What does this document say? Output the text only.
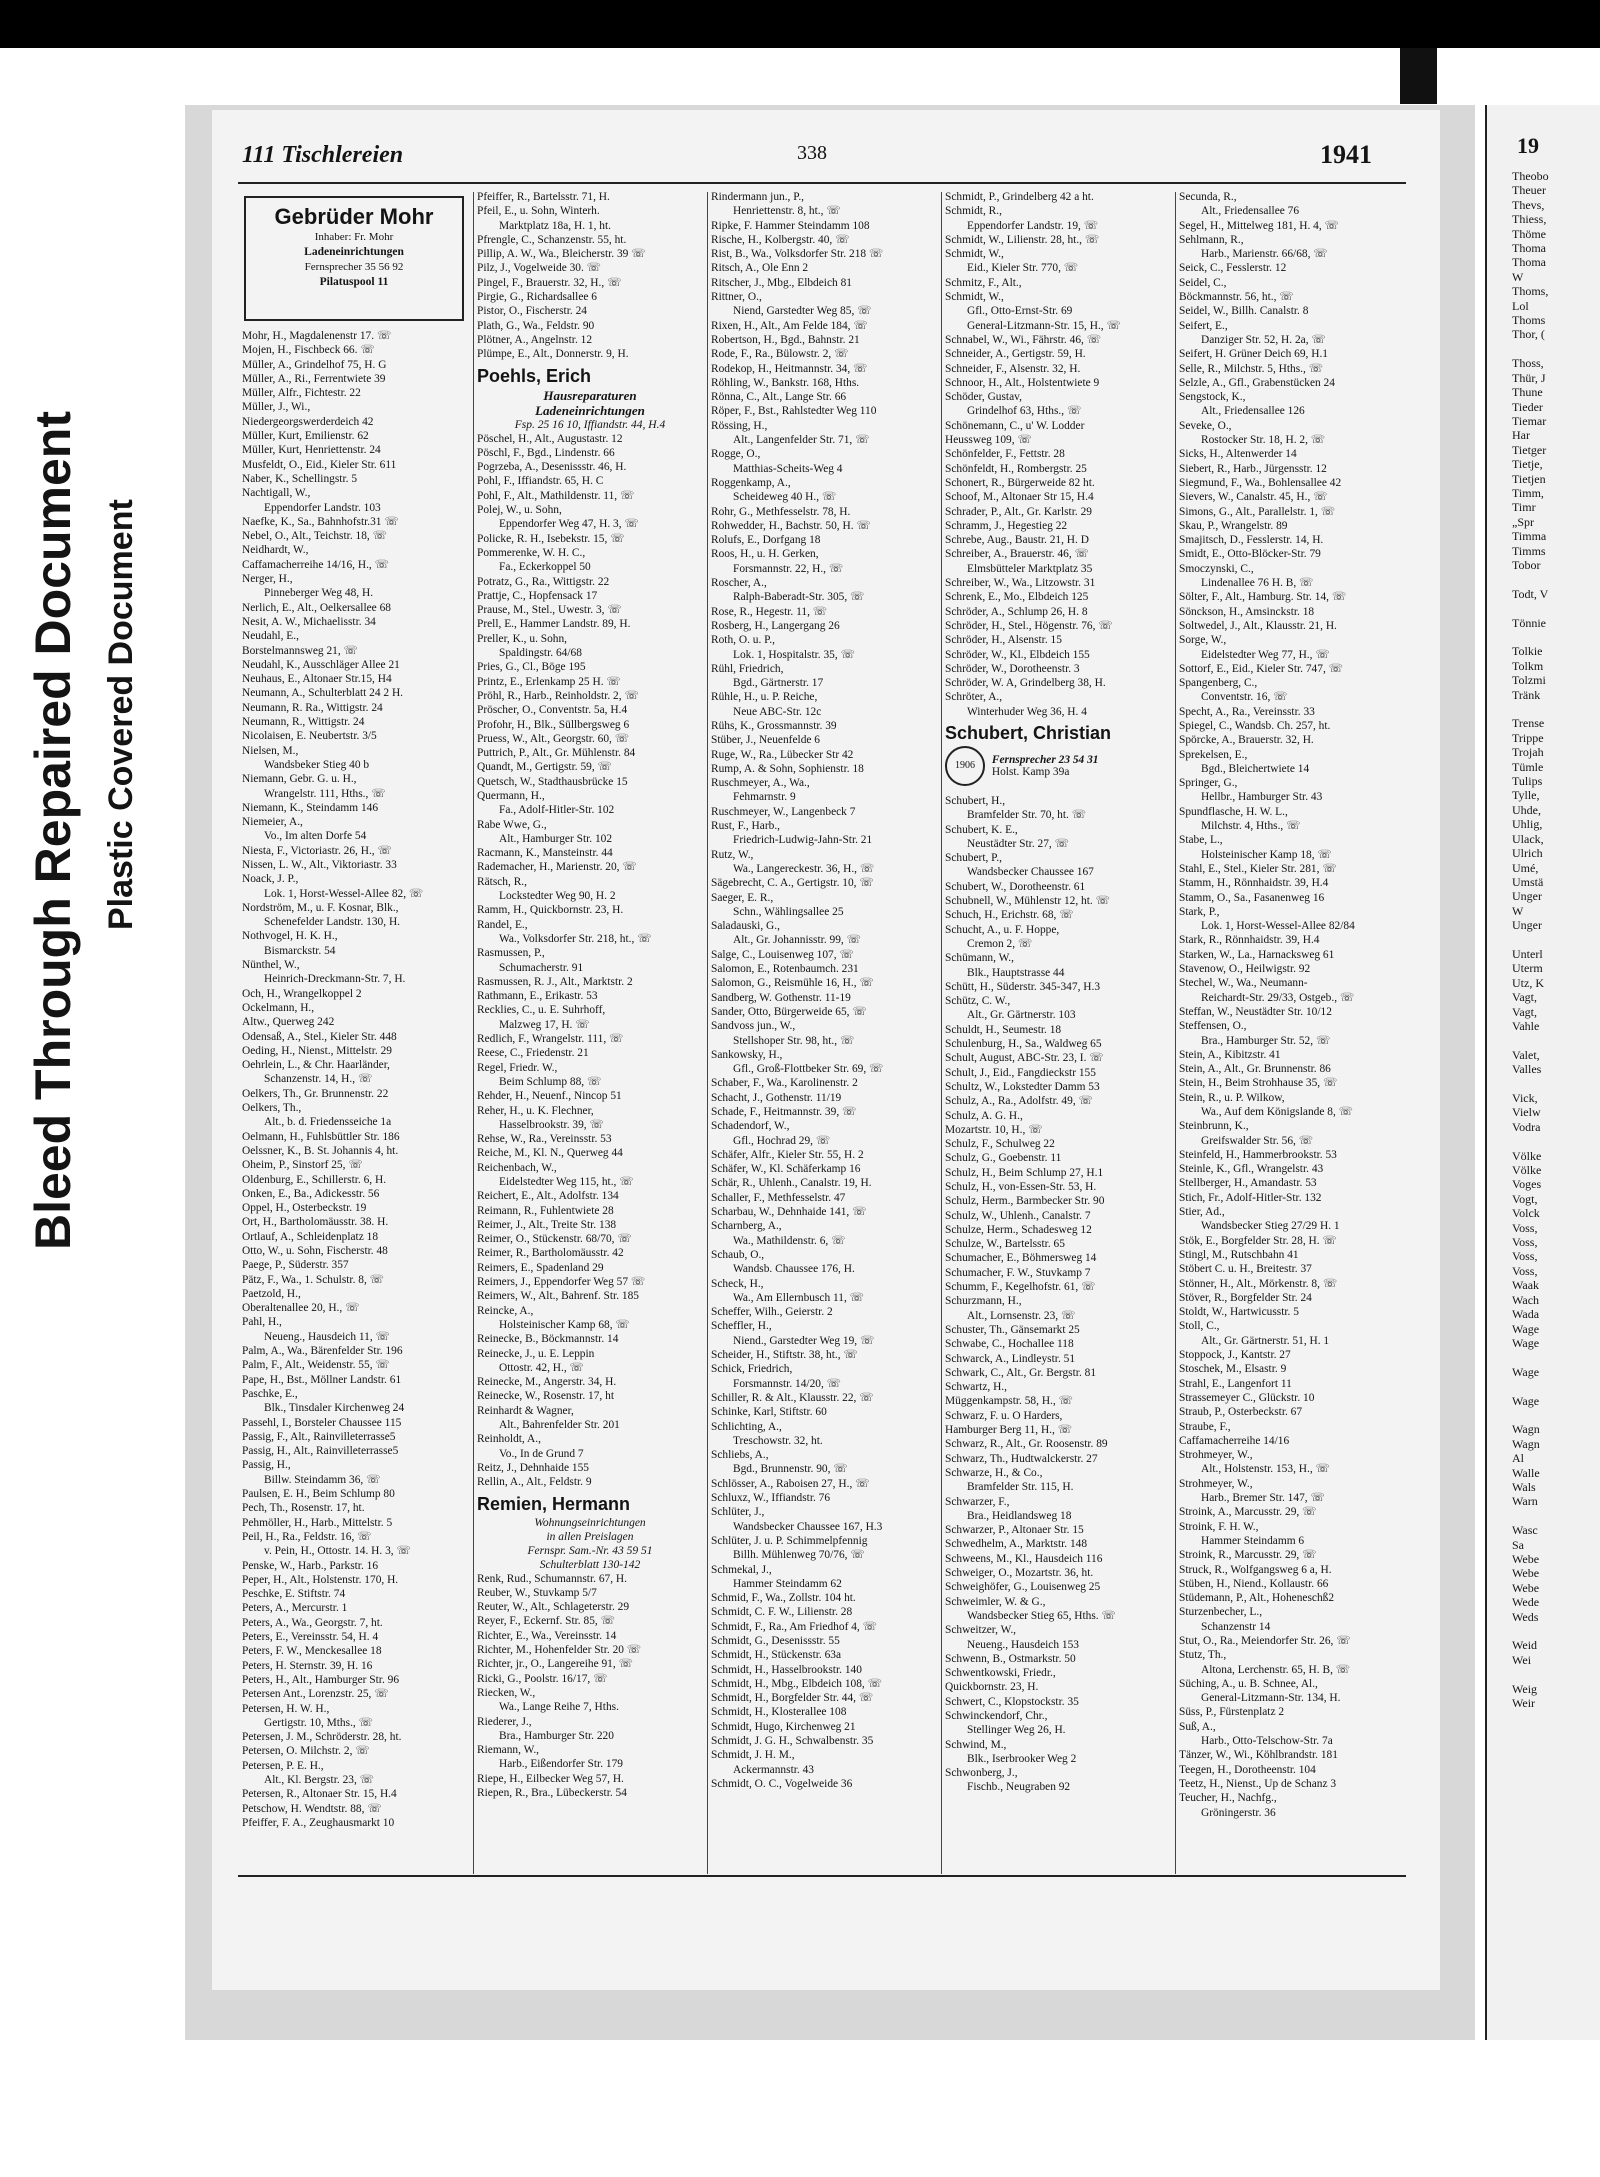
Bleed Through Repaired Document Plastic Covered Document
19
Theobo
Theuer
Thevs,
Thiess,
Thöme
Thoma
Thoma
W
Thoms,
Lol
Thoms
Thor, (

Thoss,
Thür, J
Thune
Tieder
Tiemar
Har
Tietger
Tietje,
Tietjen
Timm,
Timr
„Spr
Timma
Timms
Tobor

Todt, V

Tönnie

Tolkie
Tolkm
Tolzmi
Tränk

Trense
Trippe
Trojah
Tümle
Tulips
Tylle,
Uhde,
Uhlig,
Ulack,
Ulrich
Umé,
Umstä
Unger
W
Unger

Unterl
Uterm
Utz, K
Vagt,
Vagt,
Vahle

Valet,
Valles

Vick,
Vielw
Vodra

Völke
Völke
Voges
Vogt,
Volck
Voss,
Voss,
Voss,
Voss,
Waak
Wach
Wada
Wage
Wage

Wage

Wage

Wagn
Wagn
Al
Walle
Wals
Warn

Wasc
Sa
Webe
Webe
Webe
Wede
Weds

Weid
Wei

Weig
Weir
111 Tischlereien	338	1941
Gebrüder Mohr
Inhaber: Fr. Mohr
Ladeneinrichtungen
Fernsprecher 35 56 92
Pilatuspool 11
Mohr, H., Magdalenenstr 17. ☏
Mojen, H., Fischbeck 66. ☏
Müller, A., Grindelhof 75, H. G
Müller, A., Ri., Ferrentwiete 39
Müller, Alfr., Fichtestr. 22
Müller, J., Wi.,
Niedergeorgswerderdeich 42
Müller, Kurt, Emilienstr. 62
Müller, Kurt, Henriettenstr. 24
Musfeldt, O., Eid., Kieler Str. 611
Naber, K., Schellingstr. 5
Nachtigall, W.,
Eppendorfer Landstr. 103
Naefke, K., Sa., Bahnhofstr.31 ☏
Nebel, O., Alt., Teichstr. 18, ☏
Neidhardt, W.,
Caffamacherreihe 14/16, H., ☏
Nerger, H.,
Pinneberger Weg 48, H.
Nerlich, E., Alt., Oelkersallee 68
Nesit, A. W., Michaelisstr. 34
Neudahl, E.,
Borstelmannsweg 21, ☏
Neudahl, K., Ausschläger Allee 21
Neuhaus, E., Altonaer Str.15, H4
Neumann, A., Schulterblatt 24 2 H.
Neumann, R. Ra., Wittigstr. 24
Neumann, R., Wittigstr. 24
Nicolaisen, E. Neubertstr. 3/5
Nielsen, M.,
Wandsbeker Stieg 40 b
Niemann, Gebr. G. u. H.,
Wrangelstr. 111, Hths., ☏
Niemann, K., Steindamm 146
Niemeier, A.,
Vo., Im alten Dorfe 54
Niesta, F., Victoriastr. 26, H., ☏
Nissen, L. W., Alt., Viktoriastr. 33
Noack, J. P.,
Lok. 1, Horst-Wessel-Allee 82, ☏
Nordström, M., u. F. Kosnar, Blk.,
Schenefelder Landstr. 130, H.
Nothvogel, H. K. H.,
Bismarckstr. 54
Nünthel, W.,
Heinrich-Dreckmann-Str. 7, H.
Och, H., Wrangelkoppel 2
Ockelmann, H.,
Altw., Querweg 242
Odensaß, A., Stel., Kieler Str. 448
Oeding, H., Nienst., Mittelstr. 29
Oehrlein, L., & Chr. Haarländer,
Schanzenstr. 14, H., ☏
Oelkers, Th., Gr. Brunnenstr. 22
Oelkers, Th.,
Alt., b. d. Friedensseiche 1a
Oelmann, H., Fuhlsbüttler Str. 186
Oelssner, K., B. St. Johannis 4, ht.
Oheim, P., Sinstorf 25, ☏
Oldenburg, E., Schillerstr. 6, H.
Onken, E., Ba., Adickesstr. 56
Oppel, H., Osterbeckstr. 19
Ort, H., Bartholomäusstr. 38. H.
Ortlauf, A., Schleidenplatz 18
Otto, W., u. Sohn, Fischerstr. 48
Paege, P., Süderstr. 357
Pätz, F., Wa., 1. Schulstr. 8, ☏
Paetzold, H.,
Oberaltenallee 20, H., ☏
Pahl, H.,
Neueng., Hausdeich 11, ☏
Palm, A., Wa., Bärenfelder Str. 196
Palm, F., Alt., Weidenstr. 55, ☏
Pape, H., Bst., Möllner Landstr. 61
Paschke, E.,
Blk., Tinsdaler Kirchenweg 24
Passehl, I., Borsteler Chaussee 115
Passig, F., Alt., Rainvilleterrasse5
Passig, H., Alt., Rainvilleterrasse5
Passig, H.,
Billw. Steindamm 36, ☏
Paulsen, E. H., Beim Schlump 80
Pech, Th., Rosenstr. 17, ht.
Pehmöller, H., Harb., Mittelstr. 5
Peil, H., Ra., Feldstr. 16, ☏
v. Pein, H., Ottostr. 14. H. 3, ☏
Penske, W., Harb., Parkstr. 16
Peper, H., Alt., Holstenstr. 170, H.
Peschke, E. Stiftstr. 74
Peters, A., Mercurstr. 1
Peters, A., Wa., Georgstr. 7, ht.
Peters, E., Vereinsstr. 54, H. 4
Peters, F. W., Menckesallee 18
Peters, H. Sternstr. 39, H. 16
Peters, H., Alt., Hamburger Str. 96
Petersen Ant., Lorenzstr. 25, ☏
Petersen, H. W. H.,
Gertigstr. 10, Mths., ☏
Petersen, J. M., Schröderstr. 28, ht.
Petersen, O. Milchstr. 2, ☏
Petersen, P. E. H.,
Alt., Kl. Bergstr. 23, ☏
Petersen, R., Altonaer Str. 15, H.4
Petschow, H. Wendtstr. 88, ☏
Pfeiffer, F. A., Zeughausmarkt 10
Pfeiffer, R., Bartelsstr. 71, H.
Pfeil, E., u. Sohn, Winterh.
Marktplatz 18a, H. 1, ht.
Pfrengle, C., Schanzenstr. 55, ht.
Pillip, A. W., Wa., Bleicherstr. 39 ☏
Pilz, J., Vogelweide 30. ☏
Pingel, F., Brauerstr. 32, H., ☏
Pirgie, G., Richardsallee 6
Pistor, O., Fischerstr. 24
Plath, G., Wa., Feldstr. 90
Plötner, A., Angelnstr. 12
Plümpe, E., Alt., Donnerstr. 9, H.
Poehls, Erich
Hausreparaturen
Ladeneinrichtungen
Fsp. 25 16 10, Iffiandstr. 44, H.4
Pöschel, H., Alt., Augustastr. 12
Pöschl, F., Bgd., Lindenstr. 66
Pogrzeba, A., Desenissstr. 46, H.
Pohl, F., Iffiandstr. 65, H. C
Pohl, F., Alt., Mathildenstr. 11, ☏
Polej, W., u. Sohn,
Eppendorfer Weg 47, H. 3, ☏
Policke, R. H., Isebekstr. 15, ☏
Pommerenke, W. H. C.,
Fa., Eckerkoppel 50
Potratz, G., Ra., Wittigstr. 22
Prattje, C., Hopfensack 17
Prause, M., Stel., Uwestr. 3, ☏
Prell, E., Hammer Landstr. 89, H.
Preller, K., u. Sohn,
Spaldingstr. 64/68
Pries, G., Cl., Böge 195
Printz, E., Erlenkamp 25 H. ☏
Pröhl, R., Harb., Reinholdstr. 2, ☏
Pröscher, O., Conventstr. 5a, H.4
Profohr, H., Blk., Süllbergsweg 6
Pruess, W., Alt., Georgstr. 60, ☏
Puttrich, P., Alt., Gr. Mühlenstr. 84
Quandt, M., Gertigstr. 59, ☏
Quetsch, W., Stadthausbrücke 15
Quermann, H.,
Fa., Adolf-Hitler-Str. 102
Rabe Wwe, G.,
Alt., Hamburger Str. 102
Racmann, K., Mansteinstr. 44
Rademacher, H., Marienstr. 20, ☏
Rätsch, R.,
Lockstedter Weg 90, H. 2
Ramm, H., Quickbornstr. 23, H.
Randel, E.,
Wa., Volksdorfer Str. 218, ht., ☏
Rasmussen, P.,
Schumacherstr. 91
Rasmussen, R. J., Alt., Marktstr. 2
Rathmann, E., Erikastr. 53
Recklies, C., u. E. Suhrhoff,
Malzweg 17, H. ☏
Redlich, F., Wrangelstr. 111, ☏
Reese, C., Friedenstr. 21
Regel, Friedr. W.,
Beim Schlump 88, ☏
Rehder, H., Neuenf., Nincop 51
Reher, H., u. K. Flechner,
Hasselbrookstr. 39, ☏
Rehse, W., Ra., Vereinsstr. 53
Reiche, M., Kl. N., Querweg 44
Reichenbach, W.,
Eidelstedter Weg 115, ht., ☏
Reichert, E., Alt., Adolfstr. 134
Reimann, R., Fuhlentwiete 28
Reimer, J., Alt., Treite Str. 138
Reimer, O., Stückenstr. 68/70, ☏
Reimer, R., Bartholomäusstr. 42
Reimers, E., Spadenland 29
Reimers, J., Eppendorfer Weg 57 ☏
Reimers, W., Alt., Bahrenf. Str. 185
Reincke, A.,
Holsteinischer Kamp 68, ☏
Reinecke, B., Böckmannstr. 14
Reinecke, J., u. E. Leppin
Ottostr. 42, H., ☏
Reinecke, M., Angerstr. 34, H.
Reinecke, W., Rosenstr. 17, ht
Reinhardt & Wagner,
Alt., Bahrenfelder Str. 201
Reinholdt, A.,
Vo., In de Grund 7
Reitz, J., Dehnhaide 155
Rellin, A., Alt., Feldstr. 9
Remien, Hermann
Wohnungseinrichtungen
in allen Preislagen
Fernspr. Sam.-Nr. 43 59 51
Schulterblatt 130-142
Renk, Rud., Schumannstr. 67, H.
Reuber, W., Stuvkamp 5/7
Reuter, W., Alt., Schlageterstr. 29
Reyer, F., Eckernf. Str. 85, ☏
Richter, E., Wa., Vereinsstr. 14
Richter, M., Hohenfelder Str. 20 ☏
Richter, jr., O., Langereihe 91, ☏
Ricki, G., Poolstr. 16/17, ☏
Riecken, W.,
Wa., Lange Reihe 7, Hths.
Riederer, J.,
Bra., Hamburger Str. 220
Riemann, W.,
Harb., Eißendorfer Str. 179
Riepe, H., Eilbecker Weg 57, H.
Riepen, R., Bra., Lübeckerstr. 54
Rindermann jun., P.,
Henriettenstr. 8, ht., ☏
Ripke, F. Hammer Steindamm 108
Rische, H., Kolbergstr. 40, ☏
Rist, B., Wa., Volksdorfer Str. 218 ☏
Ritsch, A., Ole Enn 2
Ritscher, J., Mbg., Elbdeich 81
Rittner, O.,
Niend, Garstedter Weg 85, ☏
Rixen, H., Alt., Am Felde 184, ☏
Robertson, H., Bgd., Bahnstr. 21
Rode, F., Ra., Bülowstr. 2, ☏
Rodekop, H., Heitmannstr. 34, ☏
Röhling, W., Bankstr. 168, Hths.
Rönna, C., Alt., Lange Str. 66
Röper, F., Bst., Rahlstedter Weg 110
Rössing, H.,
Alt., Langenfelder Str. 71, ☏
Rogge, O.,
Matthias-Scheits-Weg 4
Roggenkamp, A.,
Scheideweg 40 H., ☏
Rohr, G., Methfesselstr. 78, H.
Rohwedder, H., Bachstr. 50, H. ☏
Rolufs, E., Dorfgang 18
Roos, H., u. H. Gerken,
Forsmannstr. 22, H., ☏
Roscher, A.,
Ralph-Baberadt-Str. 305, ☏
Rose, R., Hegestr. 11, ☏
Rosberg, H., Langergang 26
Roth, O. u. P.,
Lok. 1, Hospitalstr. 35, ☏
Rühl, Friedrich,
Bgd., Gärtnerstr. 17
Rühle, H., u. P. Reiche,
Neue ABC-Str. 12c
Rühs, K., Grossmannstr. 39
Stüber, J., Neuenfelde 6
Ruge, W., Ra., Lübecker Str 42
Rump, A. & Sohn, Sophienstr. 18
Ruschmeyer, A., Wa.,
Fehmarnstr. 9
Ruschmeyer, W., Langenbeck 7
Rust, F., Harb.,
Friedrich-Ludwig-Jahn-Str. 21
Rutz, W.,
Wa., Langereckestr. 36, H., ☏
Sägebrecht, C. A., Gertigstr. 10, ☏
Saeger, E. R.,
Schn., Wählingsallee 25
Saladauski, G.,
Alt., Gr. Johannisstr. 99, ☏
Salge, C., Louisenweg 107, ☏
Salomon, E., Rotenbaumch. 231
Salomon, G., Reismühle 16, H., ☏
Sandberg, W. Gothenstr. 11-19
Sander, Otto, Bürgerweide 65, ☏
Sandvoss jun., W.,
Stellshoper Str. 98, ht., ☏
Sankowsky, H.,
Gfl., Groß-Flottbeker Str. 69, ☏
Schaber, F., Wa., Karolinenstr. 2
Schacht, J., Gothenstr. 11/19
Schade, F., Heitmannstr. 39, ☏
Schadendorf, W.,
Gfl., Hochrad 29, ☏
Schäfer, Alfr., Kieler Str. 55, H. 2
Schäfer, W., Kl. Schäferkamp 16
Schär, R., Uhlenh., Canalstr. 19, H.
Schaller, F., Methfesselstr. 47
Scharbau, W., Dehnhaide 141, ☏
Scharnberg, A.,
Wa., Mathildenstr. 6, ☏
Schaub, O.,
Wandsb. Chaussee 176, H.
Scheck, H.,
Wa., Am Ellernbusch 11, ☏
Scheffer, Wilh., Geierstr. 2
Scheffler, H.,
Niend., Garstedter Weg 19, ☏
Scheider, H., Stiftstr. 38, ht., ☏
Schick, Friedrich,
Forsmannstr. 14/20, ☏
Schiller, R. & Alt., Klausstr. 22, ☏
Schinke, Karl, Stiftstr. 60
Schlichting, A.,
Treschowstr. 32, ht.
Schliebs, A.,
Bgd., Brunnenstr. 90, ☏
Schlösser, A., Raboisen 27, H., ☏
Schluxz, W., Iffiandstr. 76
Schlüter, J.,
Wandsbecker Chaussee 167, H.3
Schlüter, J. u. P. Schimmelpfennig
Billh. Mühlenweg 70/76, ☏
Schmekal, J.,
Hammer Steindamm 62
Schmid, F., Wa., Zollstr. 104 ht.
Schmidt, C. F. W., Lilienstr. 28
Schmidt, F., Ra., Am Friedhof 4, ☏
Schmidt, G., Desenissstr. 55
Schmidt, H., Stückenstr. 63a
Schmidt, H., Hasselbrookstr. 140
Schmidt, H., Mbg., Elbdeich 108, ☏
Schmidt, H., Borgfelder Str. 44, ☏
Schmidt, H., Klosterallee 108
Schmidt, Hugo, Kirchenweg 21
Schmidt, J. G. H., Schwalbenstr. 35
Schmidt, J. H. M.,
Ackermannstr. 43
Schmidt, O. C., Vogelweide 36
Schmidt, P., Grindelberg 42 a ht.
Schmidt, R.,
Eppendorfer Landstr. 19, ☏
Schmidt, W., Lilienstr. 28, ht., ☏
Schmidt, W.,
Eid., Kieler Str. 770, ☏
Schmitz, F., Alt.,
Schmidt, W.,
Gfl., Otto-Ernst-Str. 69
General-Litzmann-Str. 15, H., ☏
Schnabel, W., Wi., Fährstr. 46, ☏
Schneider, A., Gertigstr. 59, H.
Schneider, F., Alsenstr. 32, H.
Schnoor, H., Alt., Holstentwiete 9
Schöder, Gustav,
Grindelhof 63, Hths., ☏
Schönemann, C., u' W. Lodder
Heussweg 109, ☏
Schönfelder, F., Fettstr. 28
Schönfeldt, H., Rombergstr. 25
Schonert, R., Bürgerweide 82 ht.
Schoof, M., Altonaer Str 15, H.4
Schrader, P., Alt., Gr. Karlstr. 29
Schramm, J., Hegestieg 22
Schrebe, Aug., Baustr. 21, H. D
Schreiber, A., Brauerstr. 46, ☏
Elmsbütteler Marktplatz 35
Schreiber, W., Wa., Litzowstr. 31
Schrenk, E., Mo., Elbdeich 125
Schröder, A., Schlump 26, H. 8
Schröder, H., Stel., Högenstr. 76, ☏
Schröder, H., Alsenstr. 15
Schröder, W., Kl., Elbdeich 155
Schröder, W., Dorotheenstr. 3
Schröder, W. A, Grindelberg 38, H.
Schröter, A.,
Winterhuder Weg 36, H. 4
Schubert, Christian
1906 Fernsprecher 23 54 31
Holst. Kamp 39a
Schubert, H.,
Bramfelder Str. 70, ht. ☏
Schubert, K. E.,
Neustädter Str. 27, ☏
Schubert, P.,
Wandsbecker Chaussee 167
Schubert, W., Dorotheenstr. 61
Schubnell, W., Mühlenstr 12, ht. ☏
Schuch, H., Erichstr. 68, ☏
Schucht, A., u. F. Hoppe,
Cremon 2, ☏
Schümann, W.,
Blk., Hauptstrasse 44
Schütt, H., Süderstr. 345-347, H.3
Schütz, C. W.,
Alt., Gr. Gärtnerstr. 103
Schuldt, H., Seumestr. 18
Schulenburg, H., Sa., Waldweg 65
Schult, August, ABC-Str. 23, I. ☏
Schult, J., Eid., Fangdieckstr 155
Schultz, W., Lokstedter Damm 53
Schulz, A., Ra., Adolfstr. 49, ☏
Schulz, A. G. H.,
Mozartstr. 10, H., ☏
Schulz, F., Schulweg 22
Schulz, G., Goebenstr. 11
Schulz, H., Beim Schlump 27, H.1
Schulz, H., von-Essen-Str. 53, H.
Schulz, Herm., Barmbecker Str. 90
Schulz, W., Uhlenh., Canalstr. 7
Schulze, Herm., Schadesweg 12
Schulze, W., Bartelsstr. 65
Schumacher, E., Böhmersweg 14
Schumacher, F. W., Stuvkamp 7
Schumm, F., Kegelhofstr. 61, ☏
Schurzmann, H.,
Alt., Lornsenstr. 23, ☏
Schuster, Th., Gänsemarkt 25
Schwabe, C., Hochallee 118
Schwarck, A., Lindleystr. 51
Schwark, C., Alt., Gr. Bergstr. 81
Schwartz, H.,
Müggenkampstr. 58, H., ☏
Schwarz, F. u. O Harders,
Hamburger Berg 11, H., ☏
Schwarz, R., Alt., Gr. Roosenstr. 89
Schwarz, Th., Hudtwalckerstr. 27
Schwarze, H., & Co.,
Bramfelder Str. 115, H.
Schwarzer, F.,
Bra., Heidlandsweg 18
Schwarzer, P., Altonaer Str. 15
Schwedhelm, A., Marktstr. 148
Schweens, M., Kl., Hausdeich 116
Schweiger, O., Mozartstr. 36, ht.
Schweighöfer, G., Louisenweg 25
Schweimler, W. & G.,
Wandsbecker Stieg 65, Hths. ☏
Schweitzer, W.,
Neueng., Hausdeich 153
Schwenn, B., Ostmarkstr. 50
Schwentkowski, Friedr.,
Quickbornstr. 23, H.
Schwert, C., Klopstockstr. 35
Schwinckendorf, Chr.,
Stellinger Weg 26, H.
Schwind, M.,
Blk., Iserbrooker Weg 2
Schwonberg, J.,
Fischb., Neugraben 92
Secunda, R.,
Alt., Friedensallee 76
Segel, H., Mittelweg 181, H. 4, ☏
Sehlmann, R.,
Harb., Marienstr. 66/68, ☏
Seick, C., Fesslerstr. 12
Seidel, C.,
Böckmannstr. 56, ht., ☏
Seidel, W., Billh. Canalstr. 8
Seifert, E.,
Danziger Str. 52, H. 2a, ☏
Seifert, H. Grüner Deich 69, H.1
Selle, R., Milchstr. 5, Hths., ☏
Selzle, A., Gfl., Grabenstücken 24
Sengstock, K.,
Alt., Friedensallee 126
Seveke, O.,
Rostocker Str. 18, H. 2, ☏
Sicks, H., Altenwerder 14
Siebert, R., Harb., Jürgensstr. 12
Siegmund, F., Wa., Bohlensallee 42
Sievers, W., Canalstr. 45, H., ☏
Simons, G., Alt., Parallelstr. 1, ☏
Skau, P., Wrangelstr. 89
Smajitsch, D., Fesslerstr. 14, H.
Smidt, E., Otto-Blöcker-Str. 79
Smoczynski, C.,
Lindenallee 76 H. B, ☏
Sölter, F., Alt., Hamburg. Str. 14, ☏
Sönckson, H., Amsinckstr. 18
Soltwedel, J., Alt., Klausstr. 21, H.
Sorge, W.,
Eidelstedter Weg 77, H., ☏
Sottorf, E., Eid., Kieler Str. 747, ☏
Spangenberg, C.,
Conventstr. 16, ☏
Specht, A., Ra., Vereinsstr. 33
Spiegel, C., Wandsb. Ch. 257, ht.
Spörcke, A., Brauerstr. 32, H.
Sprekelsen, E.,
Bgd., Bleichertwiete 14
Springer, G.,
Hellbr., Hamburger Str. 43
Spundflasche, H. W. L.,
Milchstr. 4, Hths., ☏
Stabe, L.,
Holsteinischer Kamp 18, ☏
Stahl, E., Stel., Kieler Str. 281, ☏
Stamm, H., Rönnhaidstr. 39, H.4
Stamm, O., Sa., Fasanenweg 16
Stark, P.,
Lok. 1, Horst-Wessel-Allee 82/84
Stark, R., Rönnhaidstr. 39, H.4
Starken, W., La., Harnacksweg 61
Stavenow, O., Heilwigstr. 92
Stechel, W., Wa., Neumann-
Reichardt-Str. 29/33, Ostgeb., ☏
Steffan, W., Neustädter Str. 10/12
Steffensen, O.,
Bra., Hamburger Str. 52, ☏
Stein, A., Kibitzstr. 41
Stein, A., Alt., Gr. Brunnenstr. 86
Stein, H., Beim Strohhause 35, ☏
Stein, R., u. P. Wilkow,
Wa., Auf dem Königslande 8, ☏
Steinbrunn, K.,
Greifswalder Str. 56, ☏
Steinfeld, H., Hammerbrookstr. 53
Steinle, K., Gfl., Wrangelstr. 43
Stellberger, H., Amandastr. 53
Stich, Fr., Adolf-Hitler-Str. 132
Stier, Ad.,
Wandsbecker Stieg 27/29 H. 1
Stök, E., Borgfelder Str. 28, H. ☏
Stingl, M., Rutschbahn 41
Stöbert C. u. H., Breitestr. 37
Stönner, H., Alt., Mörkenstr. 8, ☏
Stöver, R., Borgfelder Str. 24
Stoldt, W., Hartwicusstr. 5
Stoll, C.,
Alt., Gr. Gärtnerstr. 51, H. 1
Stoppock, J., Kantstr. 27
Stoschek, M., Elsastr. 9
Strahl, E., Langenfort 11
Strassemeyer C., Glückstr. 10
Straub, P., Osterbeckstr. 67
Straube, F.,
Caffamacherreihe 14/16
Strohmeyer, W.,
Alt., Holstenstr. 153, H., ☏
Strohmeyer, W.,
Harb., Bremer Str. 147, ☏
Stroink, A., Marcusstr. 29, ☏
Stroink, F. H. W.,
Hammer Steindamm 6
Stroink, R., Marcusstr. 29, ☏
Struck, R., Wolfgangsweg 6 a, H.
Stüben, H., Niend., Kollaustr. 66
Stüdemann, P., Alt., Hoheneschß2
Sturzenbecher, L.,
Schanzenstr 14
Stut, O., Ra., Meiendorfer Str. 26, ☏
Stutz, Th.,
Altona, Lerchenstr. 65, H. B, ☏
Süching, A., u. B. Schnee, Al.,
General-Litzmann-Str. 134, H.
Süss, P., Fürstenplatz 2
Suß, A.,
Harb., Otto-Telschow-Str. 7a
Tänzer, W., Wi., Köhlbrandstr. 181
Teegen, H., Dorotheenstr. 104
Teetz, H., Nienst., Up de Schanz 3
Teucher, H., Nachfg.,
Gröningerstr. 36
